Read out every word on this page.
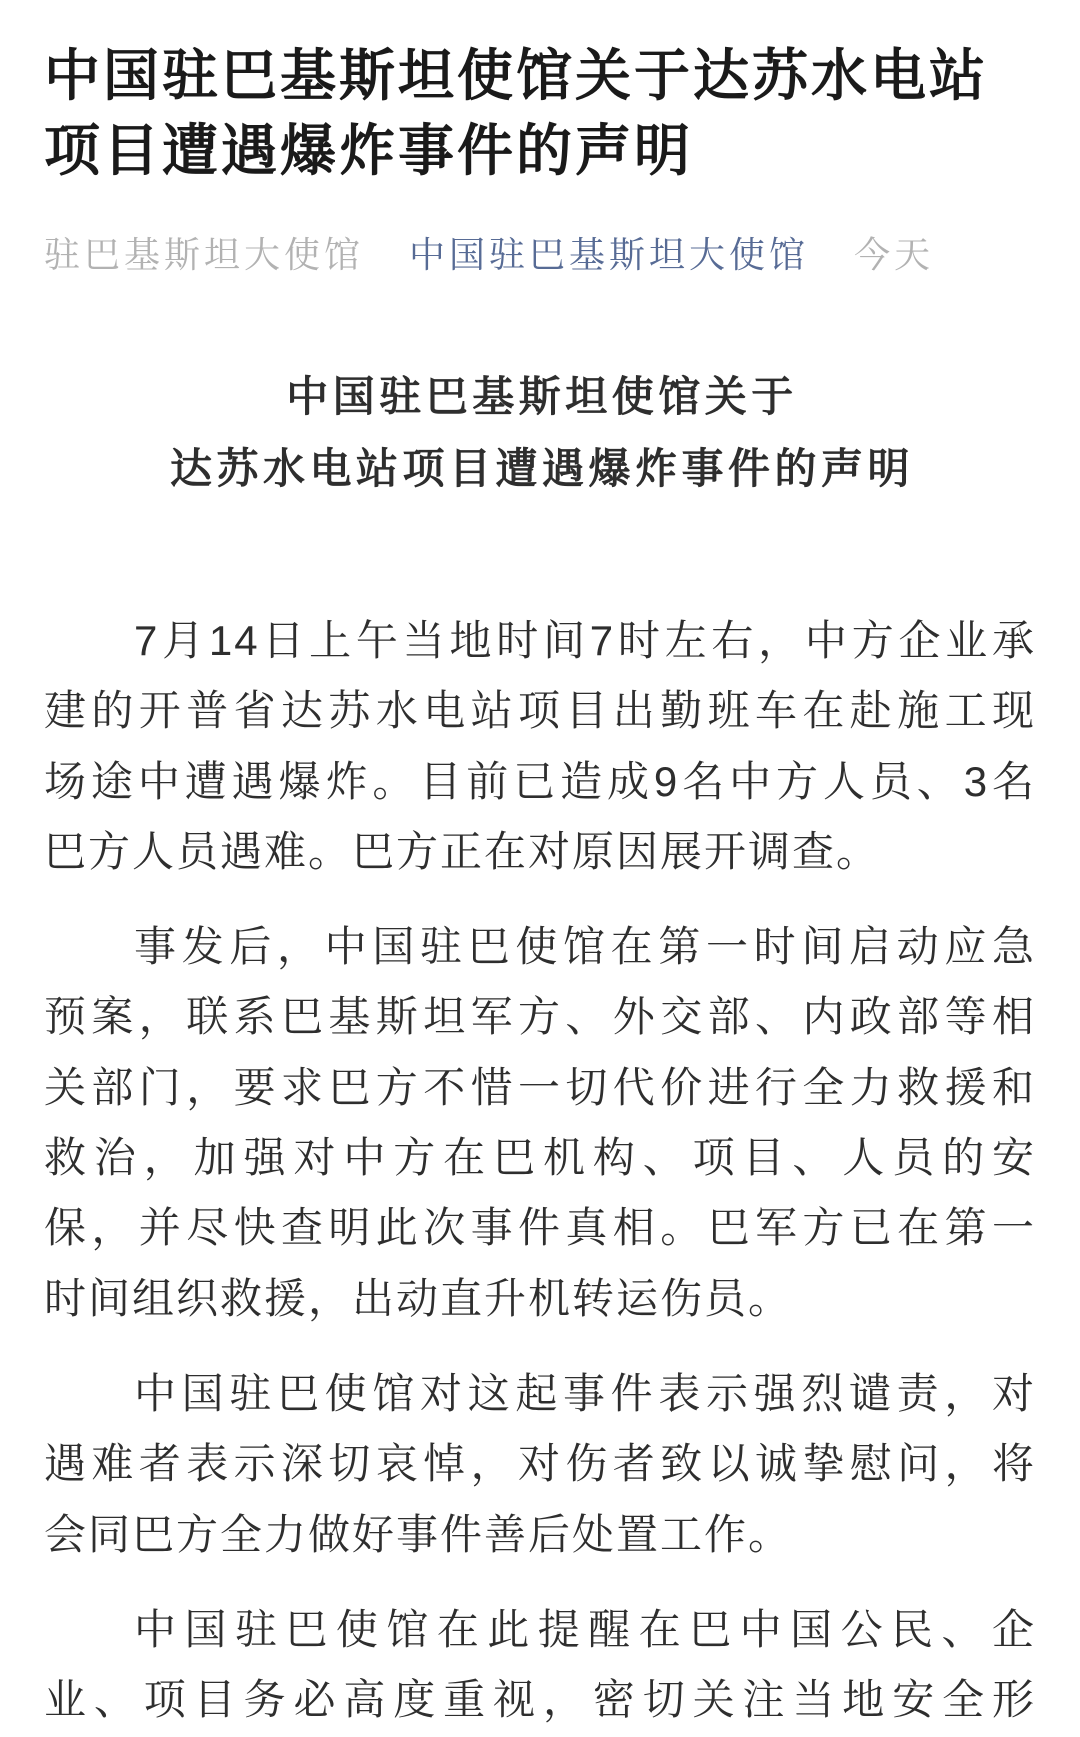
中国驻巴基斯坦使馆关于达苏水电站
项目遭遇爆炸事件的声明
驻巴基斯坦大使馆 中国驻巴基斯坦大使馆 今天
中国驻巴基斯坦使馆关于
达苏水电站项目遭遇爆炸事件的声明
7月14日上午当地时间7时左右，中方企业承
建的开普省达苏水电站项目出勤班车在赴施工现
场途中遭遇爆炸。目前已造成9名中方人员、3名
巴方人员遇难。巴方正在对原因展开调查。
事发后，中国驻巴使馆在第一时间启动应急
预案，联系巴基斯坦军方、外交部、内政部等相
关部门，要求巴方不惜一切代价进行全力救援和
救治，加强对中方在巴机构、项目、人员的安
保，并尽快查明此次事件真相。巴军方已在第一
时间组织救援，出动直升机转运伤员。
中国驻巴使馆对这起事件表示强烈谴责，对
遇难者表示深切哀悼，对伤者致以诚挚慰问，将
会同巴方全力做好事件善后处置工作。
中国驻巴使馆在此提醒在巴中国公民、企
业、项目务必高度重视，密切关注当地安全形
